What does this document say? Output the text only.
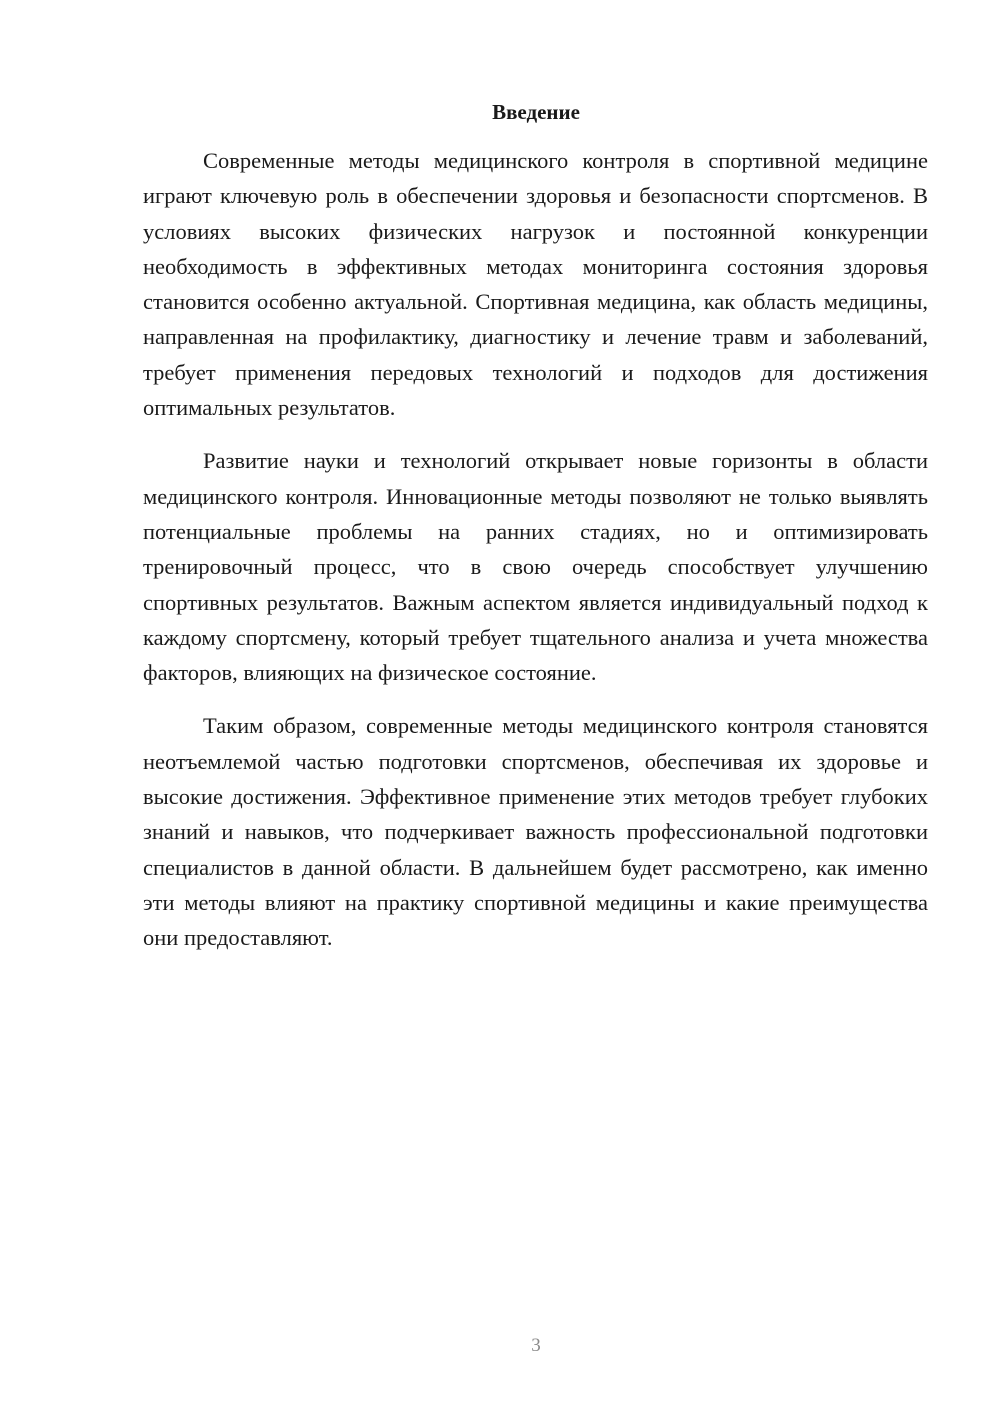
Введение

Современные методы медицинского контроля в спортивной медицине играют ключевую роль в обеспечении здоровья и безопасности спортсменов. В условиях высоких физических нагрузок и постоянной конкуренции необходимость в эффективных методах мониторинга состояния здоровья становится особенно актуальной. Спортивная медицина, как область медицины, направленная на профилактику, диагностику и лечение травм и заболеваний, требует применения передовых технологий и подходов для достижения оптимальных результатов.

Развитие науки и технологий открывает новые горизонты в области медицинского контроля. Инновационные методы позволяют не только выявлять потенциальные проблемы на ранних стадиях, но и оптимизировать тренировочный процесс, что в свою очередь способствует улучшению спортивных результатов. Важным аспектом является индивидуальный подход к каждому спортсмену, который требует тщательного анализа и учета множества факторов, влияющих на физическое состояние.

Таким образом, современные методы медицинского контроля становятся неотъемлемой частью подготовки спортсменов, обеспечивая их здоровье и высокие достижения. Эффективное применение этих методов требует глубоких знаний и навыков, что подчеркивает важность профессиональной подготовки специалистов в данной области. В дальнейшем будет рассмотрено, как именно эти методы влияют на практику спортивной медицины и какие преимущества они предоставляют.

3
